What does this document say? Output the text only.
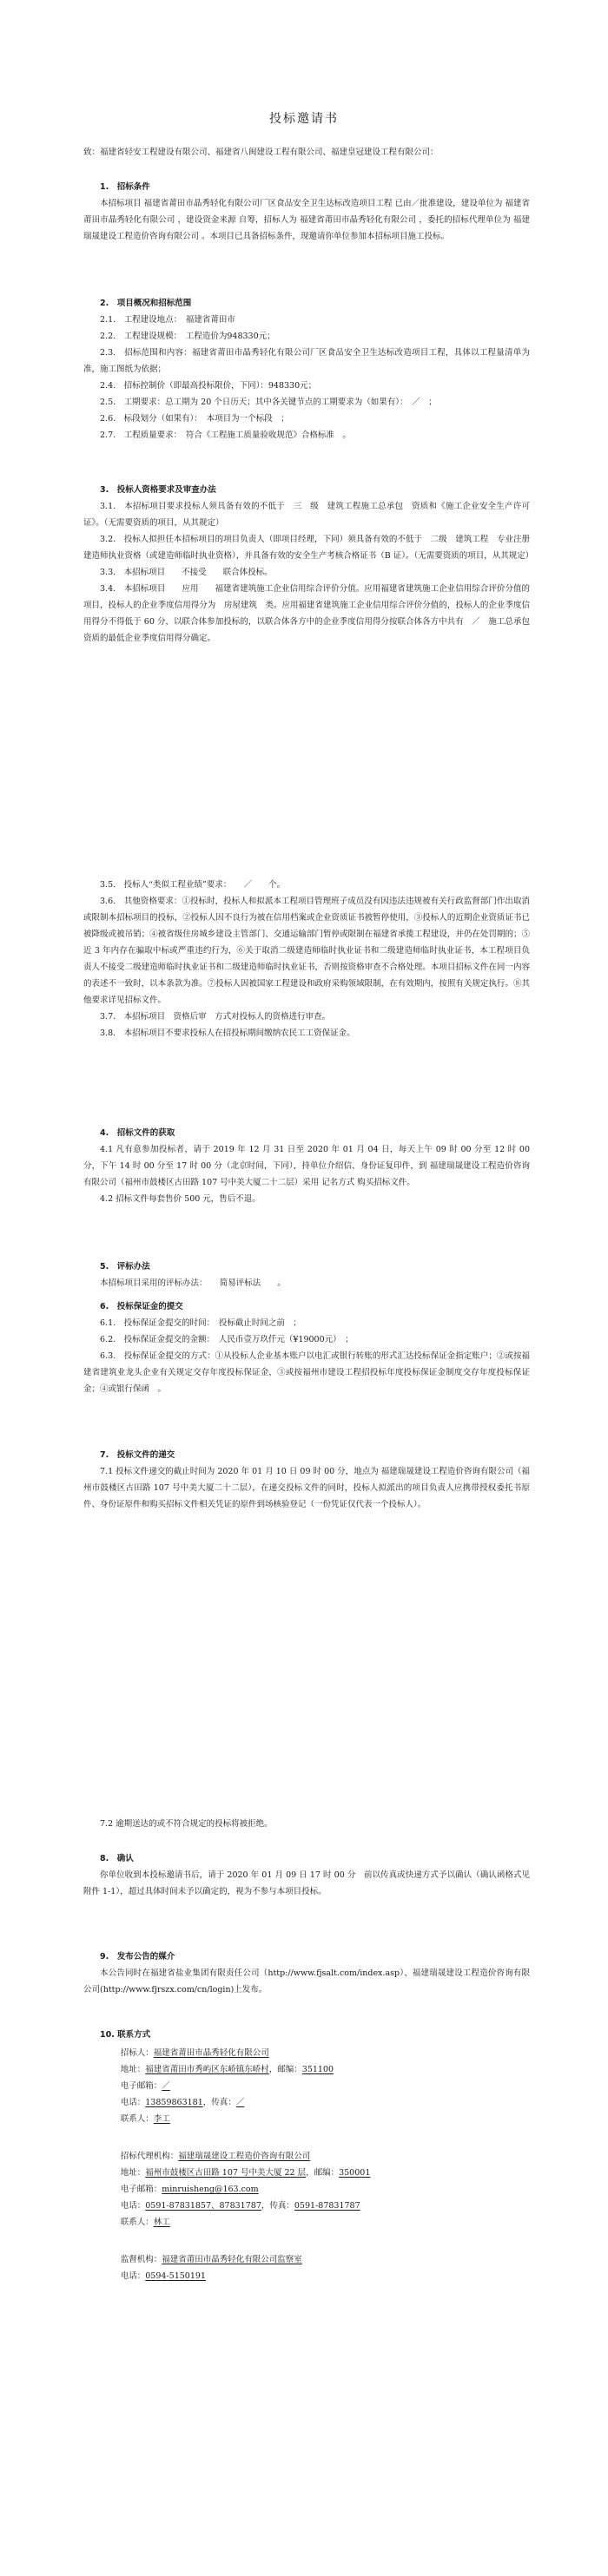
投标邀请书

致：福建省轻安工程建设有限公司、福建省八闽建设工程有限公司、福建皇冠建设工程有限公司：

1.　招标条件

本招标项目 福建省莆田市晶秀轻化有限公司厂区食品安全卫生达标改造项目工程 已由／批准建设，建设单位为 福建省莆田市晶秀轻化有限公司 ，建设资金来源 自筹，招标人为 福建省莆田市晶秀轻化有限公司 ，委托的招标代理单位为 福建瑞晟建设工程造价咨询有限公司 。本项目已具备招标条件，现邀请你单位参加本招标项目施工投标。

2.　项目概况和招标范围

2.1.　工程建设地点：　福建省莆田市　

2.2.　工程建设规模：　工程造价为948330元；　

2.3.　招标范围和内容：福建省莆田市晶秀轻化有限公司厂区食品安全卫生达标改造项目工程，具体以工程量清单为准，施工图纸为依据；

2.4.　招标控制价（即最高投标限价，下同）：948330元；

2.5.　工期要求：总工期为 20 个日历天；其中各关键节点的工期要求为（如果有）：　／　；

2.6.　标段划分（如果有）：　本项目为一个标段　；

2.7.　工程质量要求：　符合《工程施工质量验收规范》合格标准　。

3.　投标人资格要求及审查办法

3.1.　本招标项目要求投标人须具备有效的不低于　三　级　建筑工程施工总承包　资质和《施工企业安全生产许可证》。（无需要资质的项目，从其规定）

3.2.　投标人拟担任本招标项目的项目负责人（即项目经理，下同）须具备有效的不低于　二级　建筑工程　专业注册建造师执业资格（或建造师临时执业资格），并具备有效的安全生产考核合格证书（B 证）。（无需要资质的项目，从其规定）

3.3.　本招标项目　　不接受　　联合体投标。

3.4.　本招标项目　　应用　　福建省建筑施工企业信用综合评价分值。应用福建省建筑施工企业信用综合评价分值的项目，投标人的企业季度信用得分为　房屋建筑　类。应用福建省建筑施工企业信用综合评价分值的，投标人的企业季度信用得分不得低于 60 分，以联合体参加投标的，以联合体各方中的企业季度信用得分按联合体各方中共有　／　施工总承包资质的最低企业季度信用得分确定。

3.5.　投标人“类似工程业绩”要求：　　／　　个。

3.6.　其他资格要求：①投标时，投标人和拟派本工程项目管理班子成员没有因违法违规被有关行政监督部门作出取消或限制本招标项目的投标，②投标人因不良行为被在信用档案或企业资质证书被暂停使用，③投标人的近期企业资质证书已被降级或被吊销；④被省级住房城乡建设主管部门、交通运输部门暂停或限制在福建省承揽工程建设，并仍在处罚期的；⑤近 3 年内存在骗取中标或严重违约行为，⑥关于取消二级建造师临时执业证书和二级建造师临时执业证书，本工程项目负责人不接受二级建造师临时执业证书和二级建造师临时执业证书，否则按资格审查不合格处理。本项目招标文件在同一内容的表述不一致时，以本条款为准。⑦投标人因被国家工程建设和政府采购领域限制，在有效期内，按照有关规定执行。⑧其他要求详见招标文件。

3.7.　本招标项目　资格后审　方式对投标人的资格进行审查。

3.8.　本招标项目不要求投标人在招投标期间缴纳农民工工资保证金。

4.　招标文件的获取

4.1 凡有意参加投标者，请于 2019 年 12 月 31 日至 2020 年 01 月 04 日，每天上午 09 时 00 分至 12 时 00 分，下午 14 时 00 分至 17 时 00 分（北京时间，下同），持单位介绍信、身份证复印件，到 福建瑞晟建设工程造价咨询有限公司（福州市鼓楼区古田路 107 号中美大厦二十二层）采用 记名方式 购买招标文件。

4.2 招标文件每套售价 500 元，售后不退。

5.　评标办法

本招标项目采用的评标办法：　　简易评标法　　。

6.　投标保证金的提交

6.1.　投标保证金提交的时间：　投标截止时间之前　；

6.2.　投标保证金提交的金额：　人民币壹万玖仟元（¥19000元）　；

6.3.　投标保证金提交的方式：①从投标人企业基本账户以电汇或银行转账的形式汇达投标保证金指定账户；②或按福建省建筑业龙头企业有关规定交存年度投标保证金，③或按福州市建设工程招投标年度投标保证金制度交存年度投标保证金；④或银行保函　。

7.　投标文件的递交

7.1 投标文件递交的截止时间为 2020 年 01 月 10 日 09 时 00 分，地点为 福建瑞晟建设工程造价咨询有限公司（福州市鼓楼区古田路 107 号中美大厦二十二层），在递交投标文件的同时，投标人拟派出的项目负责人应携带授权委托书原件、身份证原件和购买招标文件相关凭证的原件到场核验登记（一份凭证仅代表一个投标人）。

7.2 逾期送达的或不符合规定的投标将被拒绝。

8.　确认

你单位收到本投标邀请书后，请于 2020 年 01 月 09 日 17 时 00 分　前以传真或快递方式予以确认（确认函格式见附件 1-1），超过具体时间未予以确定的，视为不参与本项目投标。

9.　发布公告的媒介

本公告同时在福建省盐业集团有限责任公司（http://www.fjsalt.com/index.asp）、福建瑞晟建设工程造价咨询有限公司(http://www.fjrszx.com/cn/login)上发布。

10. 联系方式

招标人： 福建省莆田市晶秀轻化有限公司
地址： 福建省莆田市秀屿区东峤镇东峤村 ，邮编： 351100
电子邮箱： ／
电话： 13859863181 ，传真： ／
联系人： 李工
招标代理机构： 福建瑞晟建设工程造价咨询有限公司
地址： 福州市鼓楼区古田路 107 号中美大厦 22 层 ，邮编： 350001
电子邮箱： minruisheng@163.com
电话： 0591-87831857、87831787 ，传真： 0591-87831787
联系人： 林工
监督机构： 福建省莆田市晶秀轻化有限公司监察室
电话： 0594-5150191
